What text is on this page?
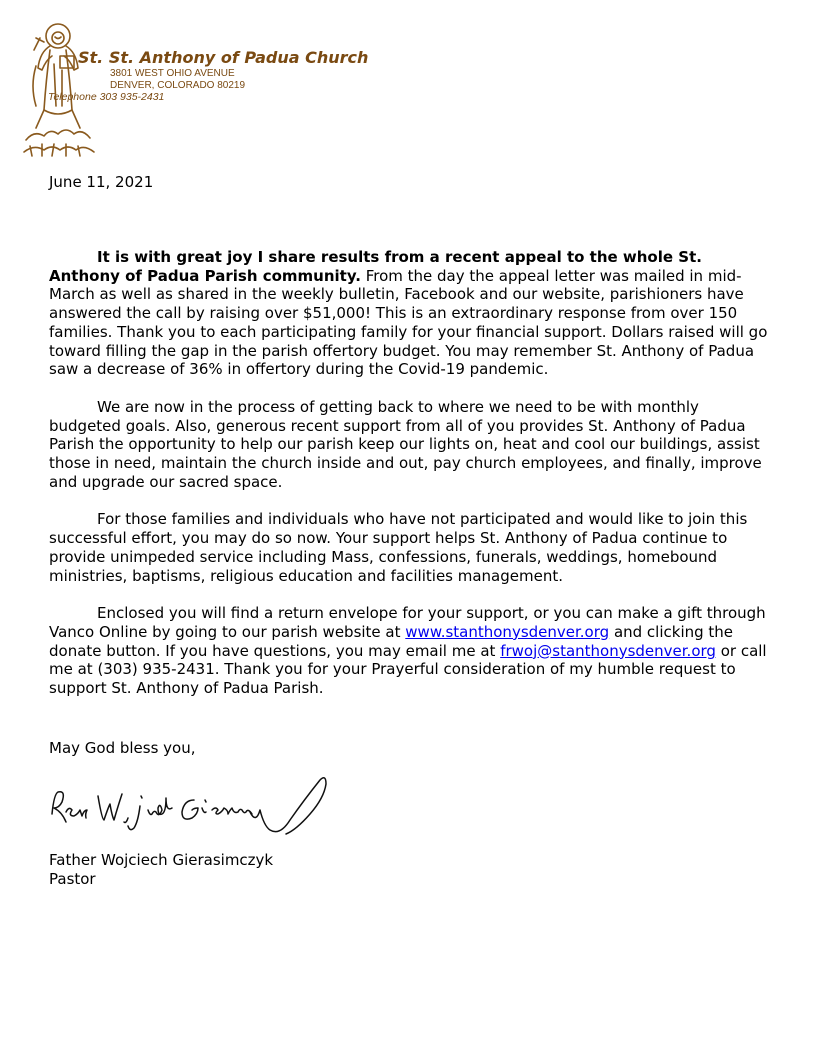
St. St. Anthony of Padua Church
3801 WEST OHIO AVENUE
DENVER, COLORADO 80219
Telephone 303 935-2431
June 11, 2021

It is with great joy I share results from a recent appeal to the whole St. Anthony of Padua Parish community. From the day the appeal letter was mailed in mid-March as well as shared in the weekly bulletin, Facebook and our website, parishioners have answered the call by raising over $51,000! This is an extraordinary response from over 150 families. Thank you to each participating family for your financial support. Dollars raised will go toward filling the gap in the parish offertory budget. You may remember St. Anthony of Padua saw a decrease of 36% in offertory during the Covid-19 pandemic.

We are now in the process of getting back to where we need to be with monthly budgeted goals. Also, generous recent support from all of you provides St. Anthony of Padua Parish the opportunity to help our parish keep our lights on, heat and cool our buildings, assist those in need, maintain the church inside and out, pay church employees, and finally, improve and upgrade our sacred space.

For those families and individuals who have not participated and would like to join this successful effort, you may do so now. Your support helps St. Anthony of Padua continue to provide unimpeded service including Mass, confessions, funerals, weddings, homebound ministries, baptisms, religious education and facilities management.

Enclosed you will find a return envelope for your support, or you can make a gift through Vanco Online by going to our parish website at www.stanthonysdenver.org and clicking the donate button. If you have questions, you may email me at frwoj@stanthonysdenver.org or call me at (303) 935-2431. Thank you for your Prayerful consideration of my humble request to support St. Anthony of Padua Parish.

May God bless you,
Father Wojciech Gierasimczyk
Pastor
